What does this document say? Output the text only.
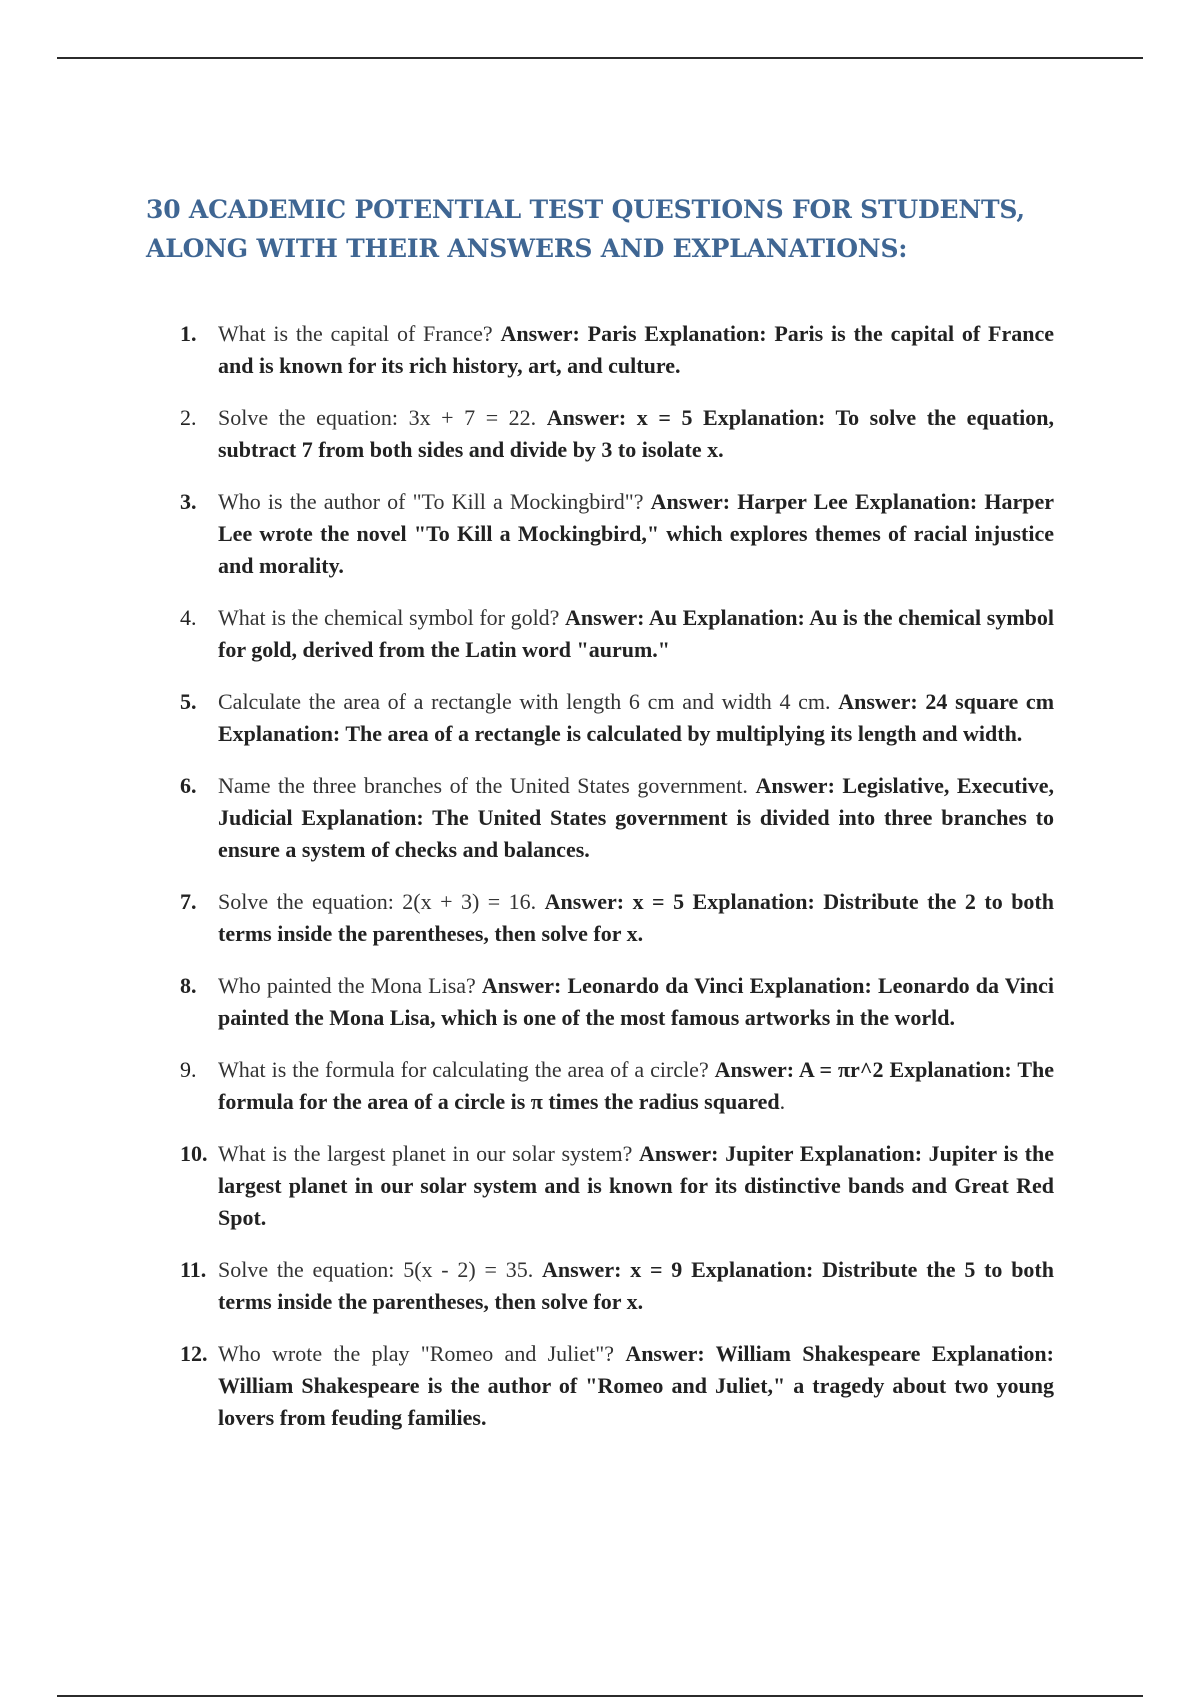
30 ACADEMIC POTENTIAL TEST QUESTIONS FOR STUDENTS, ALONG WITH THEIR ANSWERS AND EXPLANATIONS:
1. What is the capital of France? Answer: Paris Explanation: Paris is the capital of France and is known for its rich history, art, and culture.
2. Solve the equation: 3x + 7 = 22. Answer: x = 5 Explanation: To solve the equation, subtract 7 from both sides and divide by 3 to isolate x.
3. Who is the author of "To Kill a Mockingbird"? Answer: Harper Lee Explanation: Harper Lee wrote the novel "To Kill a Mockingbird," which explores themes of racial injustice and morality.
4. What is the chemical symbol for gold? Answer: Au Explanation: Au is the chemical symbol for gold, derived from the Latin word "aurum."
5. Calculate the area of a rectangle with length 6 cm and width 4 cm. Answer: 24 square cm Explanation: The area of a rectangle is calculated by multiplying its length and width.
6. Name the three branches of the United States government. Answer: Legislative, Executive, Judicial Explanation: The United States government is divided into three branches to ensure a system of checks and balances.
7. Solve the equation: 2(x + 3) = 16. Answer: x = 5 Explanation: Distribute the 2 to both terms inside the parentheses, then solve for x.
8. Who painted the Mona Lisa? Answer: Leonardo da Vinci Explanation: Leonardo da Vinci painted the Mona Lisa, which is one of the most famous artworks in the world.
9. What is the formula for calculating the area of a circle? Answer: A = πr^2 Explanation: The formula for the area of a circle is π times the radius squared.
10. What is the largest planet in our solar system? Answer: Jupiter Explanation: Jupiter is the largest planet in our solar system and is known for its distinctive bands and Great Red Spot.
11. Solve the equation: 5(x - 2) = 35. Answer: x = 9 Explanation: Distribute the 5 to both terms inside the parentheses, then solve for x.
12. Who wrote the play "Romeo and Juliet"? Answer: William Shakespeare Explanation: William Shakespeare is the author of "Romeo and Juliet," a tragedy about two young lovers from feuding families.
